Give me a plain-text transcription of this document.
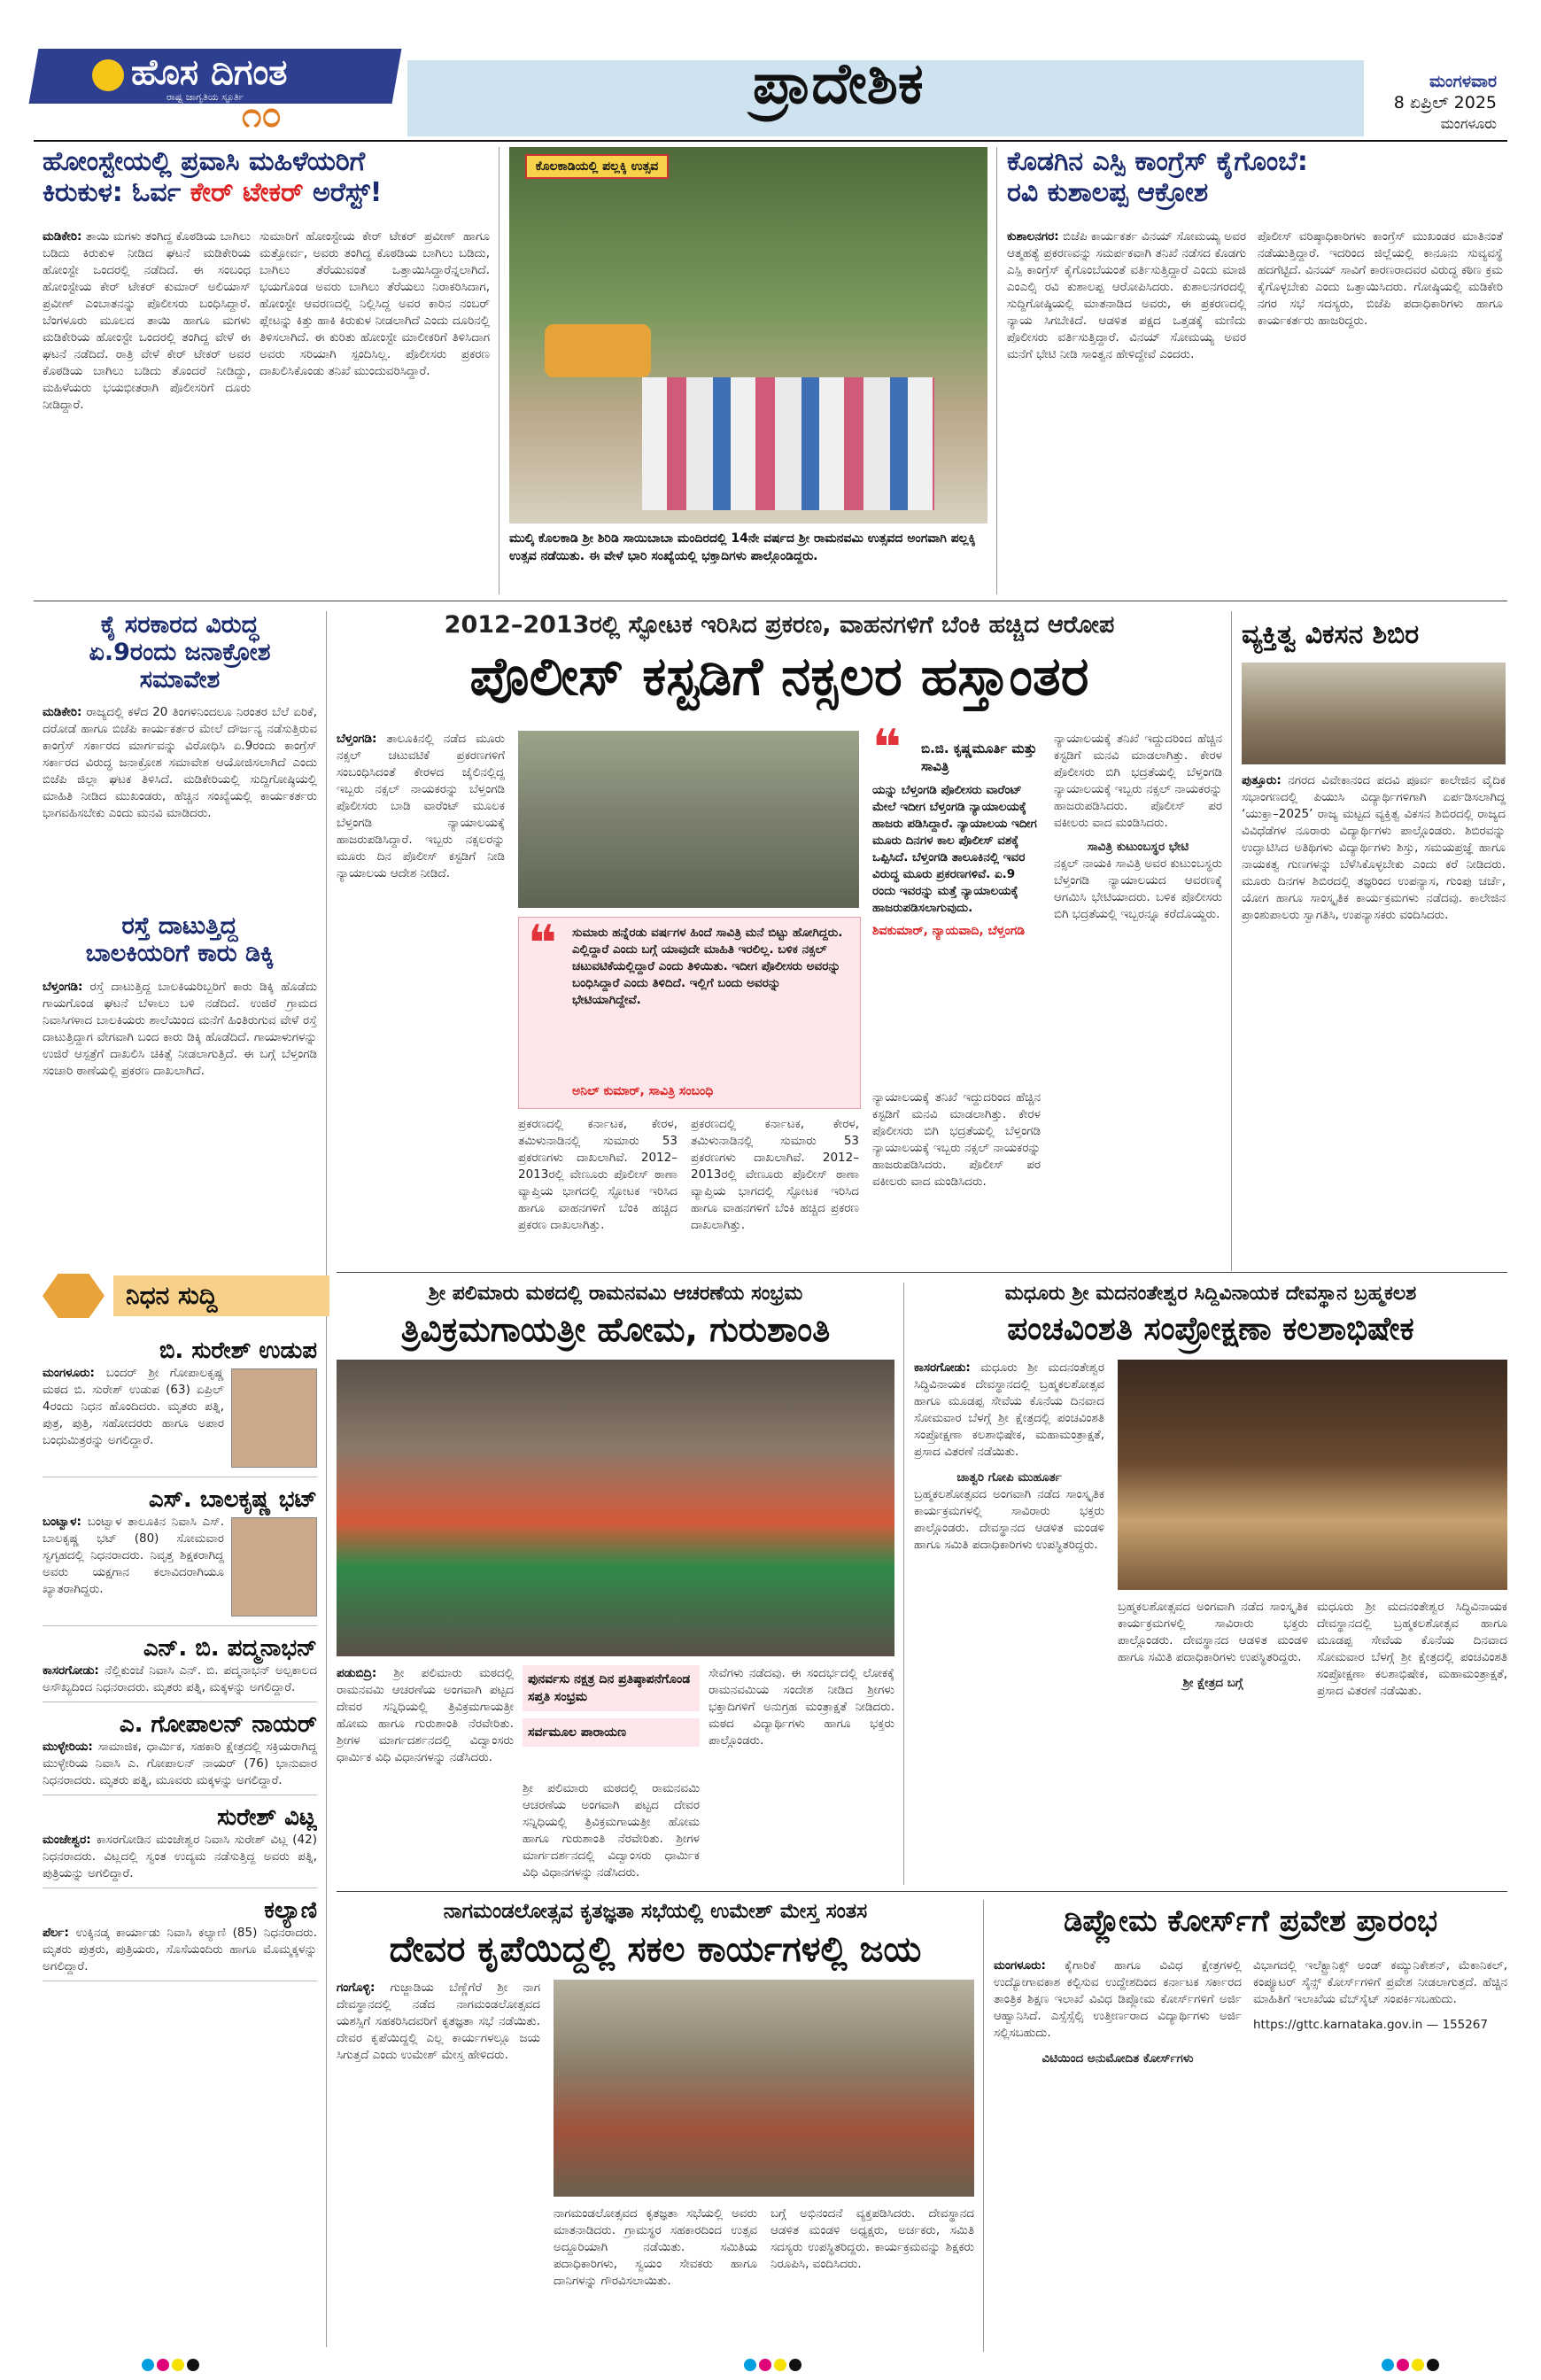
ಹೊಸ ದಿಗಂತ
ರಾಷ್ಟ್ರ ಜಾಗೃತಿಯ ಸ್ಫೂರ್ತಿ
೧೦	ಪ್ರಾದೇಶಿಕ	ಮಂಗಳವಾರ
8 ಏಪ್ರಿಲ್ 2025
ಮಂಗಳೂರು
ಹೋಂಸ್ಟೇಯಲ್ಲಿ ಪ್ರವಾಸಿ ಮಹಿಳೆಯರಿಗೆ
ಕಿರುಕುಳ: ಓರ್ವ ಕೇರ್ ಟೇಕರ್ ಅರೆಸ್ಟ್!
ಮಡಿಕೇರಿ: ತಾಯಿ ಮಗಳು ತಂಗಿದ್ದ ಕೊಠಡಿಯ ಬಾಗಿಲು ಬಡಿದು ಕಿರುಕುಳ ನೀಡಿದ ಘಟನೆ ಮಡಿಕೇರಿಯ ಹೋಂಸ್ಟೇ ಒಂದರಲ್ಲಿ ನಡೆದಿದೆ. ಈ ಸಂಬಂಧ ಹೋಂಸ್ಟೇಯ ಕೇರ್ ಟೇಕರ್ ಕುಮಾರ್ ಅಲಿಯಾಸ್ ಪ್ರವೀಣ್ ಎಂಬಾತನನ್ನು ಪೊಲೀಸರು ಬಂಧಿಸಿದ್ದಾರೆ. ಬೆಂಗಳೂರು ಮೂಲದ ತಾಯಿ ಹಾಗೂ ಮಗಳು ಮಡಿಕೇರಿಯ ಹೋಂಸ್ಟೇ ಒಂದರಲ್ಲಿ ತಂಗಿದ್ದ ವೇಳೆ ಈ ಘಟನೆ ನಡೆದಿದೆ. ರಾತ್ರಿ ವೇಳೆ ಕೇರ್ ಟೇಕರ್ ಅವರ ಕೊಠಡಿಯ ಬಾಗಿಲು ಬಡಿದು ತೊಂದರೆ ನೀಡಿದ್ದು, ಮಹಿಳೆಯರು ಭಯಭೀತರಾಗಿ ಪೊಲೀಸರಿಗೆ ದೂರು ನೀಡಿದ್ದಾರೆ.
ಸುಮಾರಿಗೆ ಹೋಂಸ್ಟೇಯ ಕೇರ್ ಟೇಕರ್ ಪ್ರವೀಣ್ ಹಾಗೂ ಮತ್ತೋರ್ವ, ಅವರು ತಂಗಿದ್ದ ಕೊಠಡಿಯ ಬಾಗಿಲು ಬಡಿದು, ಬಾಗಿಲು ತೆರೆಯುವಂತೆ ಒತ್ತಾಯಿಸಿದ್ದಾರೆನ್ನಲಾಗಿದೆ. ಭಯಗೊಂಡ ಅವರು ಬಾಗಿಲು ತೆರೆಯಲು ನಿರಾಕರಿಸಿದಾಗ, ಹೋಂಸ್ಟೇ ಆವರಣದಲ್ಲಿ ನಿಲ್ಲಿಸಿದ್ದ ಅವರ ಕಾರಿನ ನಂಬರ್ ಪ್ಲೇಟನ್ನು ಕಿತ್ತು ಹಾಕಿ ಕಿರುಕುಳ ನೀಡಲಾಗಿದೆ ಎಂದು ದೂರಿನಲ್ಲಿ ತಿಳಿಸಲಾಗಿದೆ. ಈ ಕುರಿತು ಹೋಂಸ್ಟೇ ಮಾಲೀಕರಿಗೆ ತಿಳಿಸಿದಾಗ ಅವರು ಸರಿಯಾಗಿ ಸ್ಪಂದಿಸಿಲ್ಲ. ಪೊಲೀಸರು ಪ್ರಕರಣ ದಾಖಲಿಸಿಕೊಂಡು ತನಿಖೆ ಮುಂದುವರಿಸಿದ್ದಾರೆ.
ಕೊಲಕಾಡಿಯಲ್ಲಿ ಪಲ್ಲಕ್ಕಿ ಉತ್ಸವ
ಮುಲ್ಕಿ ಕೊಲಕಾಡಿ ಶ್ರೀ ಶಿರಿಡಿ ಸಾಯಿಬಾಬಾ ಮಂದಿರದಲ್ಲಿ 14ನೇ ವರ್ಷದ ಶ್ರೀ ರಾಮನವಮಿ ಉತ್ಸವದ ಅಂಗವಾಗಿ ಪಲ್ಲಕ್ಕಿ ಉತ್ಸವ ನಡೆಯಿತು. ಈ ವೇಳೆ ಭಾರಿ ಸಂಖ್ಯೆಯಲ್ಲಿ ಭಕ್ತಾದಿಗಳು ಪಾಲ್ಗೊಂಡಿದ್ದರು.
ಕೊಡಗಿನ ಎಸ್ಪಿ ಕಾಂಗ್ರೆಸ್ ಕೈಗೊಂಬೆ:
ರವಿ ಕುಶಾಲಪ್ಪ ಆಕ್ರೋಶ
ಕುಶಾಲನಗರ: ಬಿಜೆಪಿ ಕಾರ್ಯಕರ್ತ ವಿನಯ್ ಸೋಮಯ್ಯ ಅವರ ಆತ್ಮಹತ್ಯೆ ಪ್ರಕರಣವನ್ನು ಸಮರ್ಪಕವಾಗಿ ತನಿಖೆ ನಡೆಸದ ಕೊಡಗು ಎಸ್ಪಿ ಕಾಂಗ್ರೆಸ್ ಕೈಗೊಂಬೆಯಂತೆ ವರ್ತಿಸುತ್ತಿದ್ದಾರೆ ಎಂದು ಮಾಜಿ ಎಂಎಲ್ಸಿ ರವಿ ಕುಶಾಲಪ್ಪ ಆರೋಪಿಸಿದರು. ಕುಶಾಲನಗರದಲ್ಲಿ ಸುದ್ದಿಗೋಷ್ಠಿಯಲ್ಲಿ ಮಾತನಾಡಿದ ಅವರು, ಈ ಪ್ರಕರಣದಲ್ಲಿ ನ್ಯಾಯ ಸಿಗಬೇಕಿದೆ. ಆಡಳಿತ ಪಕ್ಷದ ಒತ್ತಡಕ್ಕೆ ಮಣಿದು ಪೊಲೀಸರು ವರ್ತಿಸುತ್ತಿದ್ದಾರೆ. ವಿನಯ್ ಸೋಮಯ್ಯ ಅವರ ಮನೆಗೆ ಭೇಟಿ ನೀಡಿ ಸಾಂತ್ವನ ಹೇಳಿದ್ದೇವೆ ಎಂದರು.
ಪೊಲೀಸ್ ವರಿಷ್ಠಾಧಿಕಾರಿಗಳು ಕಾಂಗ್ರೆಸ್ ಮುಖಂಡರ ಮಾತಿನಂತೆ ನಡೆಯುತ್ತಿದ್ದಾರೆ. ಇದರಿಂದ ಜಿಲ್ಲೆಯಲ್ಲಿ ಕಾನೂನು ಸುವ್ಯವಸ್ಥೆ ಹದಗೆಟ್ಟಿದೆ. ವಿನಯ್ ಸಾವಿಗೆ ಕಾರಣರಾದವರ ವಿರುದ್ಧ ಕಠಿಣ ಕ್ರಮ ಕೈಗೊಳ್ಳಬೇಕು ಎಂದು ಒತ್ತಾಯಿಸಿದರು. ಗೋಷ್ಠಿಯಲ್ಲಿ ಮಡಿಕೇರಿ ನಗರ ಸಭೆ ಸದಸ್ಯರು, ಬಿಜೆಪಿ ಪದಾಧಿಕಾರಿಗಳು ಹಾಗೂ ಕಾರ್ಯಕರ್ತರು ಹಾಜರಿದ್ದರು.
ಕೈ ಸರಕಾರದ ವಿರುದ್ಧ
ಏ.9ರಂದು ಜನಾಕ್ರೋಶ
ಸಮಾವೇಶ
ಮಡಿಕೇರಿ: ರಾಜ್ಯದಲ್ಲಿ ಕಳೆದ 20 ತಿಂಗಳಿನಿಂದಲೂ ನಿರಂತರ ಬೆಲೆ ಏರಿಕೆ, ದರೋಡೆ ಹಾಗೂ ಬಿಜೆಪಿ ಕಾರ್ಯಕರ್ತರ ಮೇಲೆ ದೌರ್ಜನ್ಯ ನಡೆಸುತ್ತಿರುವ ಕಾಂಗ್ರೆಸ್ ಸರ್ಕಾರದ ಮಾರ್ಗವನ್ನು ವಿರೋಧಿಸಿ ಏ.9ರಂದು ಕಾಂಗ್ರೆಸ್ ಸರ್ಕಾರದ ವಿರುದ್ಧ ಜನಾಕ್ರೋಶ ಸಮಾವೇಶ ಆಯೋಜಿಸಲಾಗಿದೆ ಎಂದು ಬಿಜೆಪಿ ಜಿಲ್ಲಾ ಘಟಕ ತಿಳಿಸಿದೆ. ಮಡಿಕೇರಿಯಲ್ಲಿ ಸುದ್ದಿಗೋಷ್ಠಿಯಲ್ಲಿ ಮಾಹಿತಿ ನೀಡಿದ ಮುಖಂಡರು, ಹೆಚ್ಚಿನ ಸಂಖ್ಯೆಯಲ್ಲಿ ಕಾರ್ಯಕರ್ತರು ಭಾಗವಹಿಸಬೇಕು ಎಂದು ಮನವಿ ಮಾಡಿದರು.
ರಸ್ತೆ ದಾಟುತ್ತಿದ್ದ
ಬಾಲಕಿಯರಿಗೆ ಕಾರು ಡಿಕ್ಕಿ
ಬೆಳ್ತಂಗಡಿ: ರಸ್ತೆ ದಾಟುತ್ತಿದ್ದ ಬಾಲಕಿಯರಿಬ್ಬರಿಗೆ ಕಾರು ಡಿಕ್ಕಿ ಹೊಡೆದು ಗಾಯಗೊಂಡ ಘಟನೆ ಬೆಳಾಲು ಬಳಿ ನಡೆದಿದೆ. ಉಜಿರೆ ಗ್ರಾಮದ ನಿವಾಸಿಗಳಾದ ಬಾಲಕಿಯರು ಶಾಲೆಯಿಂದ ಮನೆಗೆ ಹಿಂತಿರುಗುವ ವೇಳೆ ರಸ್ತೆ ದಾಟುತ್ತಿದ್ದಾಗ ವೇಗವಾಗಿ ಬಂದ ಕಾರು ಡಿಕ್ಕಿ ಹೊಡೆದಿದೆ. ಗಾಯಾಳುಗಳನ್ನು ಉಜಿರೆ ಆಸ್ಪತ್ರೆಗೆ ದಾಖಲಿಸಿ ಚಿಕಿತ್ಸೆ ನೀಡಲಾಗುತ್ತಿದೆ. ಈ ಬಗ್ಗೆ ಬೆಳ್ತಂಗಡಿ ಸಂಚಾರಿ ಠಾಣೆಯಲ್ಲಿ ಪ್ರಕರಣ ದಾಖಲಾಗಿದೆ.
2012–2013ರಲ್ಲಿ ಸ್ಫೋಟಕ ಇರಿಸಿದ ಪ್ರಕರಣ, ವಾಹನಗಳಿಗೆ ಬೆಂಕಿ ಹಚ್ಚಿದ ಆರೋಪ
ಪೊಲೀಸ್ ಕಸ್ಟಡಿಗೆ ನಕ್ಸಲರ ಹಸ್ತಾಂತರ
ಬೆಳ್ತಂಗಡಿ: ತಾಲೂಕಿನಲ್ಲಿ ನಡೆದ ಮೂರು ನಕ್ಸಲ್ ಚಟುವಟಿಕೆ ಪ್ರಕರಣಗಳಿಗೆ ಸಂಬಂಧಿಸಿದಂತೆ ಕೇರಳದ ಜೈಲಿನಲ್ಲಿದ್ದ ಇಬ್ಬರು ನಕ್ಸಲ್ ನಾಯಕರನ್ನು ಬೆಳ್ತಂಗಡಿ ಪೊಲೀಸರು ಬಾಡಿ ವಾರೆಂಟ್ ಮೂಲಕ ಬೆಳ್ತಂಗಡಿ ನ್ಯಾಯಾಲಯಕ್ಕೆ ಹಾಜರುಪಡಿಸಿದ್ದಾರೆ. ಇಬ್ಬರು ನಕ್ಸಲರನ್ನು ಮೂರು ದಿನ ಪೊಲೀಸ್ ಕಸ್ಟಡಿಗೆ ನೀಡಿ ನ್ಯಾಯಾಲಯ ಆದೇಶ ನೀಡಿದೆ.
❝ ಸುಮಾರು ಹನ್ನೆರಡು ವರ್ಷಗಳ ಹಿಂದೆ ಸಾವಿತ್ರಿ ಮನೆ ಬಿಟ್ಟು ಹೋಗಿದ್ದರು. ಎಲ್ಲಿದ್ದಾರೆ ಎಂದು ಬಗ್ಗೆ ಯಾವುದೇ ಮಾಹಿತಿ ಇರಲಿಲ್ಲ. ಬಳಿಕ ನಕ್ಸಲ್ ಚಟುವಟಿಕೆಯಲ್ಲಿದ್ದಾರೆ ಎಂದು ತಿಳಿಯಿತು. ಇದೀಗ ಪೊಲೀಸರು ಅವರನ್ನು ಬಂಧಿಸಿದ್ದಾರೆ ಎಂದು ತಿಳಿದಿದೆ. ಇಲ್ಲಿಗೆ ಬಂದು ಅವರನ್ನು ಭೇಟಿಯಾಗಿದ್ದೇವೆ.
ಅನಿಲ್ ಕುಮಾರ್, ಸಾವಿತ್ರಿ ಸಂಬಂಧಿ
ಪ್ರಕರಣದಲ್ಲಿ ಕರ್ನಾಟಕ, ಕೇರಳ, ತಮಿಳುನಾಡಿನಲ್ಲಿ ಸುಮಾರು 53 ಪ್ರಕರಣಗಳು ದಾಖಲಾಗಿವೆ. 2012–2013ರಲ್ಲಿ ವೇಣೂರು ಪೊಲೀಸ್ ಠಾಣಾ ವ್ಯಾಪ್ತಿಯ ಭಾಗದಲ್ಲಿ ಸ್ಫೋಟಕ ಇರಿಸಿದ ಹಾಗೂ ವಾಹನಗಳಿಗೆ ಬೆಂಕಿ ಹಚ್ಚಿದ ಪ್ರಕರಣ ದಾಖಲಾಗಿತ್ತು.
ಪ್ರಕರಣದಲ್ಲಿ ಕರ್ನಾಟಕ, ಕೇರಳ, ತಮಿಳುನಾಡಿನಲ್ಲಿ ಸುಮಾರು 53 ಪ್ರಕರಣಗಳು ದಾಖಲಾಗಿವೆ. 2012–2013ರಲ್ಲಿ ವೇಣೂರು ಪೊಲೀಸ್ ಠಾಣಾ ವ್ಯಾಪ್ತಿಯ ಭಾಗದಲ್ಲಿ ಸ್ಫೋಟಕ ಇರಿಸಿದ ಹಾಗೂ ವಾಹನಗಳಿಗೆ ಬೆಂಕಿ ಹಚ್ಚಿದ ಪ್ರಕರಣ ದಾಖಲಾಗಿತ್ತು.
❝	ಬಿ.ಜಿ. ಕೃಷ್ಣಮೂರ್ತಿ ಮತ್ತು ಸಾವಿತ್ರಿ
ಯನ್ನು ಬೆಳ್ತಂಗಡಿ ಪೊಲೀಸರು ವಾರೆಂಟ್ ಮೇಲೆ ಇದೀಗ ಬೆಳ್ತಂಗಡಿ ನ್ಯಾಯಾಲಯಕ್ಕೆ ಹಾಜರು ಪಡಿಸಿದ್ದಾರೆ. ನ್ಯಾಯಾಲಯ ಇದೀಗ ಮೂರು ದಿನಗಳ ಕಾಲ ಪೊಲೀಸ್ ವಶಕ್ಕೆ ಒಪ್ಪಿಸಿದೆ. ಬೆಳ್ತಂಗಡಿ ತಾಲೂಕಿನಲ್ಲಿ ಇವರ ವಿರುದ್ಧ ಮೂರು ಪ್ರಕರಣಗಳಿವೆ. ಏ.9 ರಂದು ಇವರನ್ನು ಮತ್ತೆ ನ್ಯಾಯಾಲಯಕ್ಕೆ ಹಾಜರುಪಡಿಸಲಾಗುವುದು.
ಶಿವಕುಮಾರ್, ನ್ಯಾಯವಾದಿ, ಬೆಳ್ತಂಗಡಿ
ನ್ಯಾಯಾಲಯಕ್ಕೆ ತನಿಖೆ ಇದ್ದುದರಿಂದ ಹೆಚ್ಚಿನ ಕಸ್ಟಡಿಗೆ ಮನವಿ ಮಾಡಲಾಗಿತ್ತು. ಕೇರಳ ಪೊಲೀಸರು ಬಿಗಿ ಭದ್ರತೆಯಲ್ಲಿ ಬೆಳ್ತಂಗಡಿ ನ್ಯಾಯಾಲಯಕ್ಕೆ ಇಬ್ಬರು ನಕ್ಸಲ್ ನಾಯಕರನ್ನು ಹಾಜರುಪಡಿಸಿದರು. ಪೊಲೀಸ್ ಪರ ವಕೀಲರು ವಾದ ಮಂಡಿಸಿದರು.
ನ್ಯಾಯಾಲಯಕ್ಕೆ ತನಿಖೆ ಇದ್ದುದರಿಂದ ಹೆಚ್ಚಿನ ಕಸ್ಟಡಿಗೆ ಮನವಿ ಮಾಡಲಾಗಿತ್ತು. ಕೇರಳ ಪೊಲೀಸರು ಬಿಗಿ ಭದ್ರತೆಯಲ್ಲಿ ಬೆಳ್ತಂಗಡಿ ನ್ಯಾಯಾಲಯಕ್ಕೆ ಇಬ್ಬರು ನಕ್ಸಲ್ ನಾಯಕರನ್ನು ಹಾಜರುಪಡಿಸಿದರು. ಪೊಲೀಸ್ ಪರ ವಕೀಲರು ವಾದ ಮಂಡಿಸಿದರು.
ಸಾವಿತ್ರಿ ಕುಟುಂಬಸ್ಥರ ಭೇಟಿ
ನಕ್ಸಲ್ ನಾಯಕಿ ಸಾವಿತ್ರಿ ಅವರ ಕುಟುಂಬಸ್ಥರು ಬೆಳ್ತಂಗಡಿ ನ್ಯಾಯಾಲಯದ ಆವರಣಕ್ಕೆ ಆಗಮಿಸಿ ಭೇಟಿಯಾದರು. ಬಳಿಕ ಪೊಲೀಸರು ಬಿಗಿ ಭದ್ರತೆಯಲ್ಲಿ ಇಬ್ಬರನ್ನೂ ಕರೆದೊಯ್ದರು.
ವ್ಯಕ್ತಿತ್ವ ವಿಕಸನ ಶಿಬಿರ
ಪುತ್ತೂರು: ನಗರದ ವಿವೇಕಾನಂದ ಪದವಿ ಪೂರ್ವ ಕಾಲೇಜಿನ ವೈದಿಕ ಸಭಾಂಗಣದಲ್ಲಿ ಪಿಯುಸಿ ವಿದ್ಯಾರ್ಥಿಗಳಿಗಾಗಿ ಏರ್ಪಡಿಸಲಾಗಿದ್ದ ‘ಯುಕ್ತಾ–2025’ ರಾಜ್ಯ ಮಟ್ಟದ ವ್ಯಕ್ತಿತ್ವ ವಿಕಸನ ಶಿಬಿರದಲ್ಲಿ ರಾಜ್ಯದ ವಿವಿಧೆಡೆಗಳ ನೂರಾರು ವಿದ್ಯಾರ್ಥಿಗಳು ಪಾಲ್ಗೊಂಡರು. ಶಿಬಿರವನ್ನು ಉದ್ಘಾಟಿಸಿದ ಅತಿಥಿಗಳು ವಿದ್ಯಾರ್ಥಿಗಳು ಶಿಸ್ತು, ಸಮಯಪ್ರಜ್ಞೆ ಹಾಗೂ ನಾಯಕತ್ವ ಗುಣಗಳನ್ನು ಬೆಳೆಸಿಕೊಳ್ಳಬೇಕು ಎಂದು ಕರೆ ನೀಡಿದರು. ಮೂರು ದಿನಗಳ ಶಿಬಿರದಲ್ಲಿ ತಜ್ಞರಿಂದ ಉಪನ್ಯಾಸ, ಗುಂಪು ಚರ್ಚೆ, ಯೋಗ ಹಾಗೂ ಸಾಂಸ್ಕೃತಿಕ ಕಾರ್ಯಕ್ರಮಗಳು ನಡೆದವು. ಕಾಲೇಜಿನ ಪ್ರಾಂಶುಪಾಲರು ಸ್ವಾಗತಿಸಿ, ಉಪನ್ಯಾಸಕರು ವಂದಿಸಿದರು.
ನಿಧನ ಸುದ್ದಿ
ಬಿ. ಸುರೇಶ್ ಉಡುಪ
ಮಂಗಳೂರು: ಬಂದರ್ ಶ್ರೀ ಗೋಪಾಲಕೃಷ್ಣ ಮಠದ ಬಿ. ಸುರೇಶ್ ಉಡುಪ (63) ಏಪ್ರಿಲ್ 4ರಂದು ನಿಧನ ಹೊಂದಿದರು. ಮೃತರು ಪತ್ನಿ, ಪುತ್ರ, ಪುತ್ರಿ, ಸಹೋದರರು ಹಾಗೂ ಅಪಾರ ಬಂಧುಮಿತ್ರರನ್ನು ಅಗಲಿದ್ದಾರೆ.
ಎಸ್. ಬಾಲಕೃಷ್ಣ ಭಟ್
ಬಂಟ್ವಾಳ: ಬಂಟ್ವಾಳ ತಾಲೂಕಿನ ನಿವಾಸಿ ಎಸ್. ಬಾಲಕೃಷ್ಣ ಭಟ್ (80) ಸೋಮವಾರ ಸ್ವಗೃಹದಲ್ಲಿ ನಿಧನರಾದರು. ನಿವೃತ್ತ ಶಿಕ್ಷಕರಾಗಿದ್ದ ಅವರು ಯಕ್ಷಗಾನ ಕಲಾವಿದರಾಗಿಯೂ ಖ್ಯಾತರಾಗಿದ್ದರು.
ಎನ್. ಬಿ. ಪದ್ಮನಾಭನ್
ಕಾಸರಗೋಡು: ನೆಲ್ಲಿಕುಂಜೆ ನಿವಾಸಿ ಎನ್. ಬಿ. ಪದ್ಮನಾಭನ್ ಅಲ್ಪಕಾಲದ ಅಸೌಖ್ಯದಿಂದ ನಿಧನರಾದರು. ಮೃತರು ಪತ್ನಿ, ಮಕ್ಕಳನ್ನು ಅಗಲಿದ್ದಾರೆ.
ಎ. ಗೋಪಾಲನ್ ನಾಯರ್
ಮುಳ್ಳೇರಿಯ: ಸಾಮಾಜಿಕ, ಧಾರ್ಮಿಕ, ಸಹಕಾರಿ ಕ್ಷೇತ್ರದಲ್ಲಿ ಸಕ್ರಿಯರಾಗಿದ್ದ ಮುಳ್ಳೇರಿಯ ನಿವಾಸಿ ಎ. ಗೋಪಾಲನ್ ನಾಯರ್ (76) ಭಾನುವಾರ ನಿಧನರಾದರು. ಮೃತರು ಪತ್ನಿ, ಮೂವರು ಮಕ್ಕಳನ್ನು ಅಗಲಿದ್ದಾರೆ.
ಸುರೇಶ್ ವಿಟ್ಲ
ಮಂಜೇಶ್ವರ: ಕಾಸರಗೋಡಿನ ಮಂಜೇಶ್ವರ ನಿವಾಸಿ ಸುರೇಶ್ ವಿಟ್ಲ (42) ನಿಧನರಾದರು. ವಿಟ್ಲದಲ್ಲಿ ಸ್ವಂತ ಉದ್ಯಮ ನಡೆಸುತ್ತಿದ್ದ ಅವರು ಪತ್ನಿ, ಪುತ್ರಿಯನ್ನು ಅಗಲಿದ್ದಾರೆ.
ಕಲ್ಯಾಣಿ
ಪೆರ್ಲ: ಉಕ್ಕಿನಡ್ಕ ಕಾರ್ಯಾಡು ನಿವಾಸಿ ಕಲ್ಯಾಣಿ (85) ನಿಧನರಾದರು. ಮೃತರು ಪುತ್ರರು, ಪುತ್ರಿಯರು, ಸೊಸೆಯಂದಿರು ಹಾಗೂ ಮೊಮ್ಮಕ್ಕಳನ್ನು ಅಗಲಿದ್ದಾರೆ.
ಶ್ರೀ ಪಲಿಮಾರು ಮಠದಲ್ಲಿ ರಾಮನವಮಿ ಆಚರಣೆಯ ಸಂಭ್ರಮ
ತ್ರಿವಿಕ್ರಮಗಾಯತ್ರೀ ಹೋಮ, ಗುರುಶಾಂತಿ
ಪಡುಬಿದ್ರಿ: ಶ್ರೀ ಪಲಿಮಾರು ಮಠದಲ್ಲಿ ರಾಮನವಮಿ ಆಚರಣೆಯ ಅಂಗವಾಗಿ ಪಟ್ಟದ ದೇವರ ಸನ್ನಿಧಿಯಲ್ಲಿ ತ್ರಿವಿಕ್ರಮಗಾಯತ್ರೀ ಹೋಮ ಹಾಗೂ ಗುರುಶಾಂತಿ ನೆರವೇರಿತು. ಶ್ರೀಗಳ ಮಾರ್ಗದರ್ಶನದಲ್ಲಿ ವಿದ್ವಾಂಸರು ಧಾರ್ಮಿಕ ವಿಧಿ ವಿಧಾನಗಳನ್ನು ನಡೆಸಿದರು.
ಪುನರ್ವಸು ನಕ್ಷತ್ರ ದಿನ ಪ್ರತಿಷ್ಠಾಪನೆಗೊಂಡ ಸಪ್ತತಿ ಸಂಭ್ರಮ
ಸರ್ವಮೂಲ ಪಾರಾಯಣ
ಶ್ರೀ ಪಲಿಮಾರು ಮಠದಲ್ಲಿ ರಾಮನವಮಿ ಆಚರಣೆಯ ಅಂಗವಾಗಿ ಪಟ್ಟದ ದೇವರ ಸನ್ನಿಧಿಯಲ್ಲಿ ತ್ರಿವಿಕ್ರಮಗಾಯತ್ರೀ ಹೋಮ ಹಾಗೂ ಗುರುಶಾಂತಿ ನೆರವೇರಿತು. ಶ್ರೀಗಳ ಮಾರ್ಗದರ್ಶನದಲ್ಲಿ ವಿದ್ವಾಂಸರು ಧಾರ್ಮಿಕ ವಿಧಿ ವಿಧಾನಗಳನ್ನು ನಡೆಸಿದರು.
ಸೇವೆಗಳು ನಡೆದವು. ಈ ಸಂದರ್ಭದಲ್ಲಿ ಲೋಕಕ್ಕೆ ರಾಮನವಮಿಯ ಸಂದೇಶ ನೀಡಿದ ಶ್ರೀಗಳು ಭಕ್ತಾದಿಗಳಿಗೆ ಅನುಗ್ರಹ ಮಂತ್ರಾಕ್ಷತೆ ನೀಡಿದರು. ಮಠದ ವಿದ್ಯಾರ್ಥಿಗಳು ಹಾಗೂ ಭಕ್ತರು ಪಾಲ್ಗೊಂಡರು.
ಮಧೂರು ಶ್ರೀ ಮದನಂತೇಶ್ವರ ಸಿದ್ದಿವಿನಾಯಕ ದೇವಸ್ಥಾನ ಬ್ರಹ್ಮಕಲಶ
ಪಂಚವಿಂಶತಿ ಸಂಪ್ರೋಕ್ಷಣಾ ಕಲಶಾಭಿಷೇಕ
ಕಾಸರಗೋಡು: ಮಧೂರು ಶ್ರೀ ಮದನಂತೇಶ್ವರ ಸಿದ್ಧಿವಿನಾಯಕ ದೇವಸ್ಥಾನದಲ್ಲಿ ಬ್ರಹ್ಮಕಲಶೋತ್ಸವ ಹಾಗೂ ಮೂಡಪ್ಪ ಸೇವೆಯ ಕೊನೆಯ ದಿನವಾದ ಸೋಮವಾರ ಬೆಳಗ್ಗೆ ಶ್ರೀ ಕ್ಷೇತ್ರದಲ್ಲಿ ಪಂಚವಿಂಶತಿ ಸಂಪ್ರೋಕ್ಷಣಾ ಕಲಶಾಭಿಷೇಕ, ಮಹಾಮಂತ್ರಾಕ್ಷತೆ, ಪ್ರಸಾದ ವಿತರಣೆ ನಡೆಯಿತು.
ಚಾತ್ವರಿ ಗೋಪಿ ಮುಹೂರ್ತ
ಬ್ರಹ್ಮಕಲಶೋತ್ಸವದ ಅಂಗವಾಗಿ ನಡೆದ ಸಾಂಸ್ಕೃತಿಕ ಕಾರ್ಯಕ್ರಮಗಳಲ್ಲಿ ಸಾವಿರಾರು ಭಕ್ತರು ಪಾಲ್ಗೊಂಡರು. ದೇವಸ್ಥಾನದ ಆಡಳಿತ ಮಂಡಳಿ ಹಾಗೂ ಸಮಿತಿ ಪದಾಧಿಕಾರಿಗಳು ಉಪಸ್ಥಿತರಿದ್ದರು.
ಬ್ರಹ್ಮಕಲಶೋತ್ಸವದ ಅಂಗವಾಗಿ ನಡೆದ ಸಾಂಸ್ಕೃತಿಕ ಕಾರ್ಯಕ್ರಮಗಳಲ್ಲಿ ಸಾವಿರಾರು ಭಕ್ತರು ಪಾಲ್ಗೊಂಡರು. ದೇವಸ್ಥಾನದ ಆಡಳಿತ ಮಂಡಳಿ ಹಾಗೂ ಸಮಿತಿ ಪದಾಧಿಕಾರಿಗಳು ಉಪಸ್ಥಿತರಿದ್ದರು.
ಶ್ರೀ ಕ್ಷೇತ್ರದ ಬಗ್ಗೆ
ಮಧೂರು ಶ್ರೀ ಮದನಂತೇಶ್ವರ ಸಿದ್ಧಿವಿನಾಯಕ ದೇವಸ್ಥಾನದಲ್ಲಿ ಬ್ರಹ್ಮಕಲಶೋತ್ಸವ ಹಾಗೂ ಮೂಡಪ್ಪ ಸೇವೆಯ ಕೊನೆಯ ದಿನವಾದ ಸೋಮವಾರ ಬೆಳಗ್ಗೆ ಶ್ರೀ ಕ್ಷೇತ್ರದಲ್ಲಿ ಪಂಚವಿಂಶತಿ ಸಂಪ್ರೋಕ್ಷಣಾ ಕಲಶಾಭಿಷೇಕ, ಮಹಾಮಂತ್ರಾಕ್ಷತೆ, ಪ್ರಸಾದ ವಿತರಣೆ ನಡೆಯಿತು.
ನಾಗಮಂಡಲೋತ್ಸವ ಕೃತಜ್ಞತಾ ಸಭೆಯಲ್ಲಿ ಉಮೇಶ್ ಮೇಸ್ತ ಸಂತಸ
ದೇವರ ಕೃಪೆಯಿದ್ದಲ್ಲಿ ಸಕಲ ಕಾರ್ಯಗಳಲ್ಲಿ ಜಯ
ಗಂಗೊಳ್ಳಿ: ಗುಜ್ಜಾಡಿಯ ಬೆಣ್ಣೆಗೆರೆ ಶ್ರೀ ನಾಗ ದೇವಸ್ಥಾನದಲ್ಲಿ ನಡೆದ ನಾಗಮಂಡಲೋತ್ಸವದ ಯಶಸ್ಸಿಗೆ ಸಹಕರಿಸಿದವರಿಗೆ ಕೃತಜ್ಞತಾ ಸಭೆ ನಡೆಯಿತು. ದೇವರ ಕೃಪೆಯಿದ್ದಲ್ಲಿ ಎಲ್ಲ ಕಾರ್ಯಗಳಲ್ಲೂ ಜಯ ಸಿಗುತ್ತದೆ ಎಂದು ಉಮೇಶ್ ಮೇಸ್ತ ಹೇಳಿದರು.
ನಾಗಮಂಡಲೋತ್ಸವದ ಕೃತಜ್ಞತಾ ಸಭೆಯಲ್ಲಿ ಅವರು ಮಾತನಾಡಿದರು. ಗ್ರಾಮಸ್ಥರ ಸಹಕಾರದಿಂದ ಉತ್ಸವ ಅದ್ದೂರಿಯಾಗಿ ನಡೆಯಿತು. ಸಮಿತಿಯ ಪದಾಧಿಕಾರಿಗಳು, ಸ್ವಯಂ ಸೇವಕರು ಹಾಗೂ ದಾನಿಗಳನ್ನು ಗೌರವಿಸಲಾಯಿತು.
ಬಗ್ಗೆ ಅಭಿನಂದನೆ ವ್ಯಕ್ತಪಡಿಸಿದರು. ದೇವಸ್ಥಾನದ ಆಡಳಿತ ಮಂಡಳಿ ಅಧ್ಯಕ್ಷರು, ಅರ್ಚಕರು, ಸಮಿತಿ ಸದಸ್ಯರು ಉಪಸ್ಥಿತರಿದ್ದರು. ಕಾರ್ಯಕ್ರಮವನ್ನು ಶಿಕ್ಷಕರು ನಿರೂಪಿಸಿ, ವಂದಿಸಿದರು.
ಡಿಪ್ಲೋಮ ಕೋರ್ಸ್‌ಗೆ ಪ್ರವೇಶ ಪ್ರಾರಂಭ
ಮಂಗಳೂರು: ಕೈಗಾರಿಕೆ ಹಾಗೂ ವಿವಿಧ ಕ್ಷೇತ್ರಗಳಲ್ಲಿ ಉದ್ಯೋಗಾವಕಾಶ ಕಲ್ಪಿಸುವ ಉದ್ದೇಶದಿಂದ ಕರ್ನಾಟಕ ಸರ್ಕಾರದ ತಾಂತ್ರಿಕ ಶಿಕ್ಷಣ ಇಲಾಖೆ ವಿವಿಧ ಡಿಪ್ಲೋಮ ಕೋರ್ಸ್‌ಗಳಿಗೆ ಅರ್ಜಿ ಆಹ್ವಾನಿಸಿದೆ. ಎಸ್ಸೆಸ್ಸೆಲ್ಸಿ ಉತ್ತೀರ್ಣರಾದ ವಿದ್ಯಾರ್ಥಿಗಳು ಅರ್ಜಿ ಸಲ್ಲಿಸಬಹುದು.
ವಿಟಿಯಿಂದ ಅನುಮೋದಿತ ಕೋರ್ಸ್‌ಗಳು
ವಿಭಾಗದಲ್ಲಿ ಇಲೆಕ್ಟ್ರಾನಿಕ್ಸ್ ಅಂಡ್ ಕಮ್ಯುನಿಕೇಶನ್, ಮೆಕಾನಿಕಲ್, ಕಂಪ್ಯೂಟರ್ ಸೈನ್ಸ್ ಕೋರ್ಸ್‌ಗಳಿಗೆ ಪ್ರವೇಶ ನೀಡಲಾಗುತ್ತದೆ. ಹೆಚ್ಚಿನ ಮಾಹಿತಿಗೆ ಇಲಾಖೆಯ ವೆಬ್‌ಸೈಟ್ ಸಂಪರ್ಕಿಸಬಹುದು.
https://gttc.karnataka.gov.in — 155267
